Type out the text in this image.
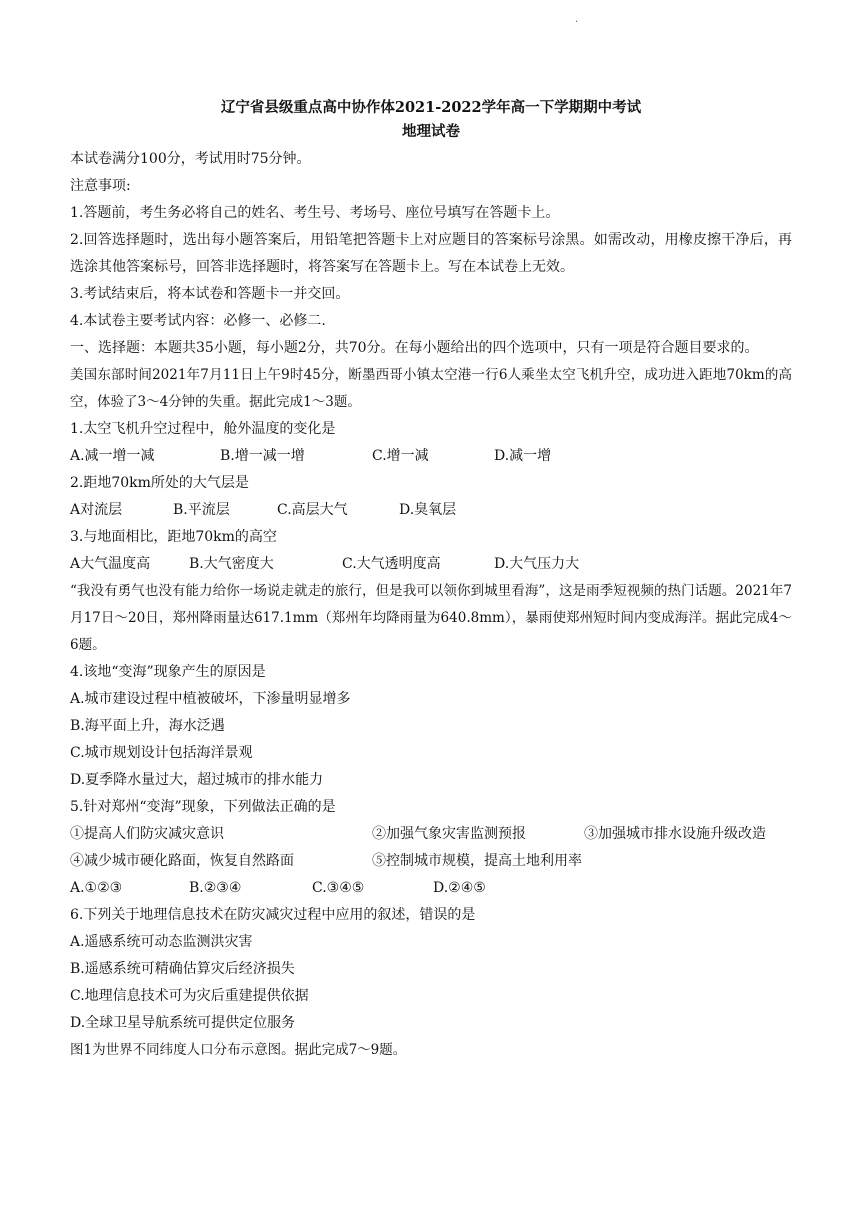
.

辽宁省县级重点高中协作体2021-2022学年高一下学期期中考试

地理试卷

本试卷满分100分，考试用时75分钟。

注意事项:

1.答题前，考生务必将自己的姓名、考生号、考场号、座位号填写在答题卡上。

2.回答选择题时，选出每小题答案后，用铅笔把答题卡上对应题目的答案标号涂黑。如需改动，用橡皮擦干净后，再选涂其他答案标号，回答非选择题时，将答案写在答题卡上。写在本试卷上无效。

3.考试结束后，将本试卷和答题卡一并交回。

4.本试卷主要考试内容：必修一、必修二.

一、选择题：本题共35小题，每小题2分，共70分。在每小题给出的四个选项中，只有一项是符合题目要求的。

美国东部时间2021年7月11日上午9时45分，断墨西哥小镇太空港一行6人乘坐太空飞机升空，成功进入距地70km的高空，体验了3～4分钟的失重。据此完成1～3题。

1.太空飞机升空过程中，舱外温度的变化是

A.减一增一减	B.增一减一增	C.增一减	D.减一增

2.距地70km所处的大气层是

A对流层	B.平流层	C.高层大气	D.臭氧层

3.与地面相比，距地70km的高空

A大气温度高	B.大气密度大	C.大气透明度高	D.大气压力大

“我没有勇气也没有能力给你一场说走就走的旅行，但是我可以领你到城里看海”，这是雨季短视频的热门话题。2021年7月17日～20日，郑州降雨量达617.1mm（郑州年均降雨量为640.8mm），暴雨使郑州短时间内变成海洋。据此完成4～6题。

4.该地“变海”现象产生的原因是

A.城市建设过程中植被破坏，下渗量明显增多

B.海平面上升，海水泛遇

C.城市规划设计包括海洋景观

D.夏季降水量过大，超过城市的排水能力

5.针对郑州“变海”现象，下列做法正确的是

①提高人们防灾减灾意识	②加强气象灾害监测预报	③加强城市排水设施升级改造
④减少城市硬化路面，恢复自然路面	⑤控制城市规模，提高土地利用率
A.①②③	B.②③④	C.③④⑤	D.②④⑤

6.下列关于地理信息技术在防灾减灾过程中应用的叙述，错误的是

A.遥感系统可动态监测洪灾害

B.遥感系统可精确估算灾后经济损失

C.地理信息技术可为灾后重建提供依据

D.全球卫星导航系统可提供定位服务

图1为世界不同纬度人口分布示意图。据此完成7～9题。
